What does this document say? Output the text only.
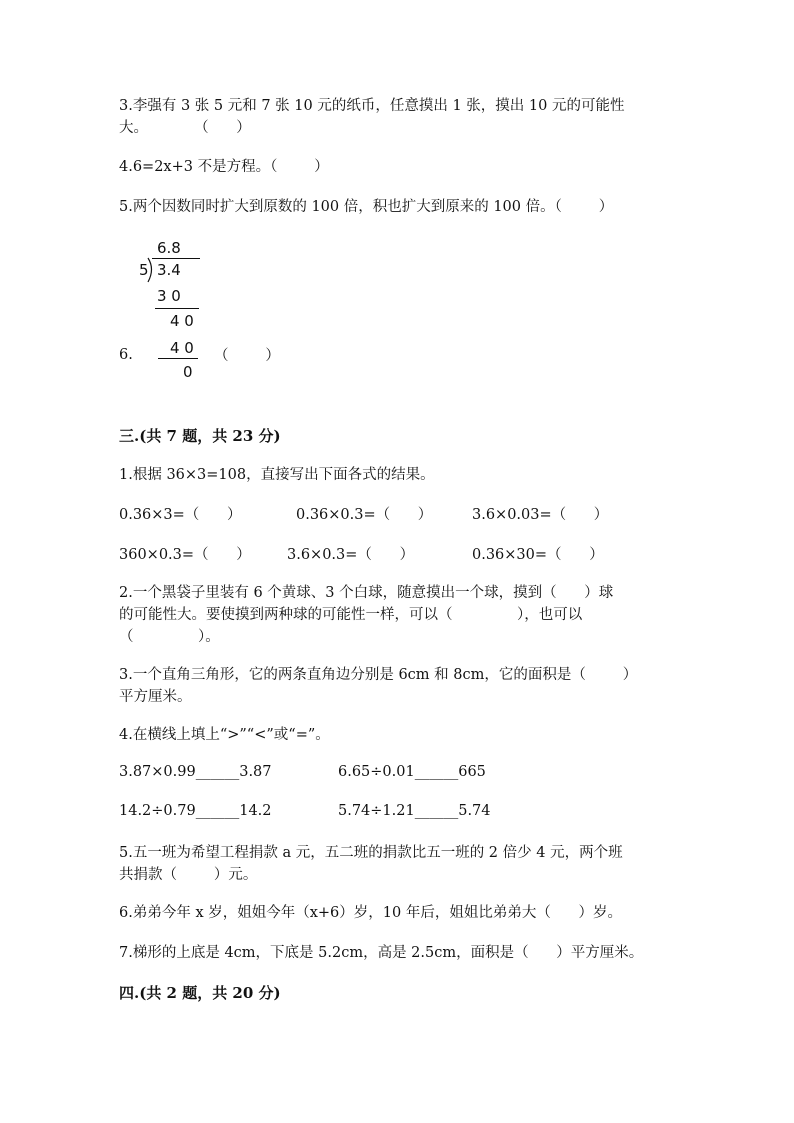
3.李强有 3 张 5 元和 7 张 10 元的纸币，任意摸出 1 张，摸出 10 元的可能性
大。          （      ）
4.6=2x+3 不是方程。（        ）
5.两个因数同时扩大到原数的 100 倍，积也扩大到原来的 100 倍。（        ）
6.8
5 3.4
3 0
4 0
4 0
0
6.	（        ）
三.(共 7 题，共 23 分)
1.根据 36×3=108，直接写出下面各式的结果。
0.36×3=（      ）	0.36×0.3=（      ）	3.6×0.03=（      ）
360×0.3=（      ）	3.6×0.3=（      ）	0.36×30=（      ）
2.一个黑袋子里装有 6 个黄球、3 个白球，随意摸出一个球，摸到（      ）球
的可能性大。要使摸到两种球的可能性一样，可以（              ），也可以
（              ）。
3.一个直角三角形，它的两条直角边分别是 6cm 和 8cm，它的面积是（        ）
平方厘米。
4.在横线上填上“>”“<”或“=”。
3.87×0.99______3.87	6.65÷0.01______665
14.2÷0.79______14.2	5.74÷1.21______5.74
5.五一班为希望工程捐款 a 元，五二班的捐款比五一班的 2 倍少 4 元，两个班
共捐款（        ）元。
6.弟弟今年 x 岁，姐姐今年（x+6）岁，10 年后，姐姐比弟弟大（      ）岁。
7.梯形的上底是 4cm，下底是 5.2cm，高是 2.5cm，面积是（      ）平方厘米。
四.(共 2 题，共 20 分)
